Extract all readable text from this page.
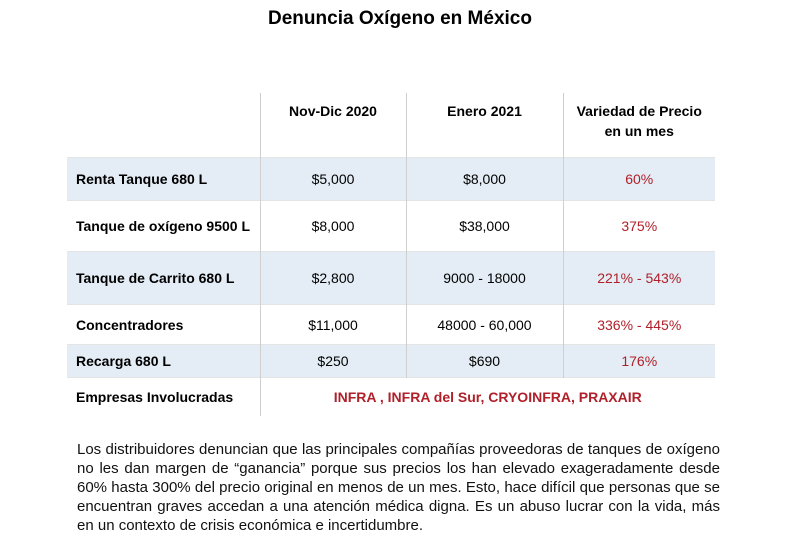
Denuncia Oxígeno en México
	Nov-Dic 2020	Enero 2021	Variedad de Precio en un mes
Renta Tanque 680 L	$5,000	$8,000	60%
Tanque de oxígeno 9500 L	$8,000	$38,000	375%
Tanque de Carrito 680 L	$2,800	9000 - 18000	221% - 543%
Concentradores	$11,000	48000 - 60,000	336% - 445%
Recarga 680 L	$250	$690	176%
Empresas Involucradas	INFRA , INFRA del Sur, CRYOINFRA, PRAXAIR		
Los distribuidores denuncian que las principales compañías proveedoras de tanques de oxígeno no les dan margen de “ganancia” porque sus precios los han elevado exageradamente desde 60% hasta 300% del precio original en menos de un mes. Esto, hace difícil que personas que se encuentran graves accedan a una atención médica digna. Es un abuso lucrar con la vida, más en un contexto de crisis económica e incertidumbre.
